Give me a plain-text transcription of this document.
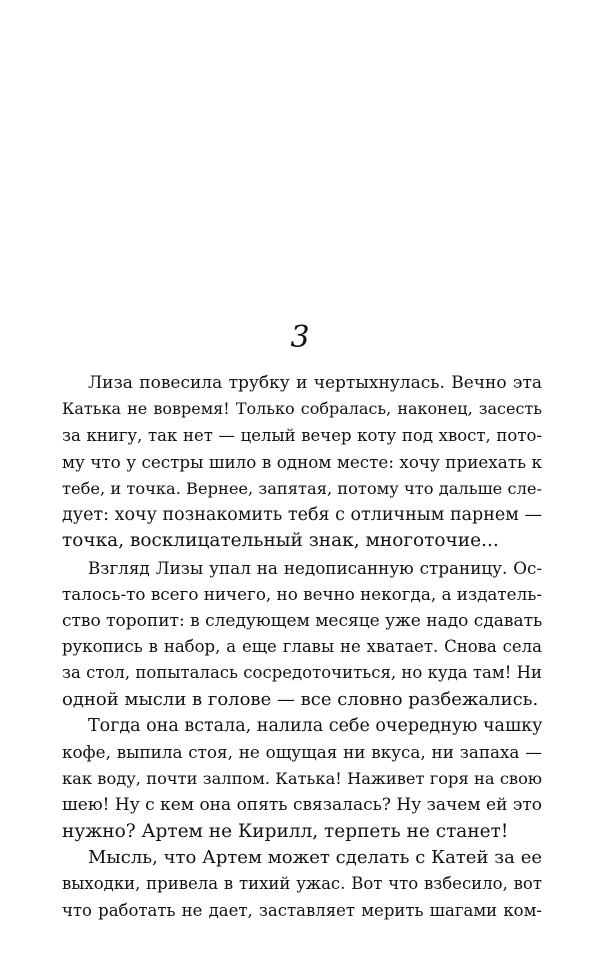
3
Лиза повесила трубку и чертыхнулась. Вечно эта
Катька не вовремя! Только собралась, наконец, засесть
за книгу, так нет — целый вечер коту под хвост, пото-
му что у сестры шило в одном месте: хочу приехать к
тебе, и точка. Вернее, запятая, потому что дальше сле-
дует: хочу познакомить тебя с отличным парнем —
точка, восклицательный знак, многоточие...
Взгляд Лизы упал на недописанную страницу. Ос-
талось-то всего ничего, но вечно некогда, а издатель-
ство торопит: в следующем месяце уже надо сдавать
рукопись в набор, а еще главы не хватает. Снова села
за стол, попыталась сосредоточиться, но куда там! Ни
одной мысли в голове — все словно разбежались.
Тогда она встала, налила себе очередную чашку
кофе, выпила стоя, не ощущая ни вкуса, ни запаха —
как воду, почти залпом. Катька! Наживет горя на свою
шею! Ну с кем она опять связалась? Ну зачем ей это
нужно? Артем не Кирилл, терпеть не станет!
Мысль, что Артем может сделать с Катей за ее
выходки, привела в тихий ужас. Вот что взбесило, вот
что работать не дает, заставляет мерить шагами ком-
